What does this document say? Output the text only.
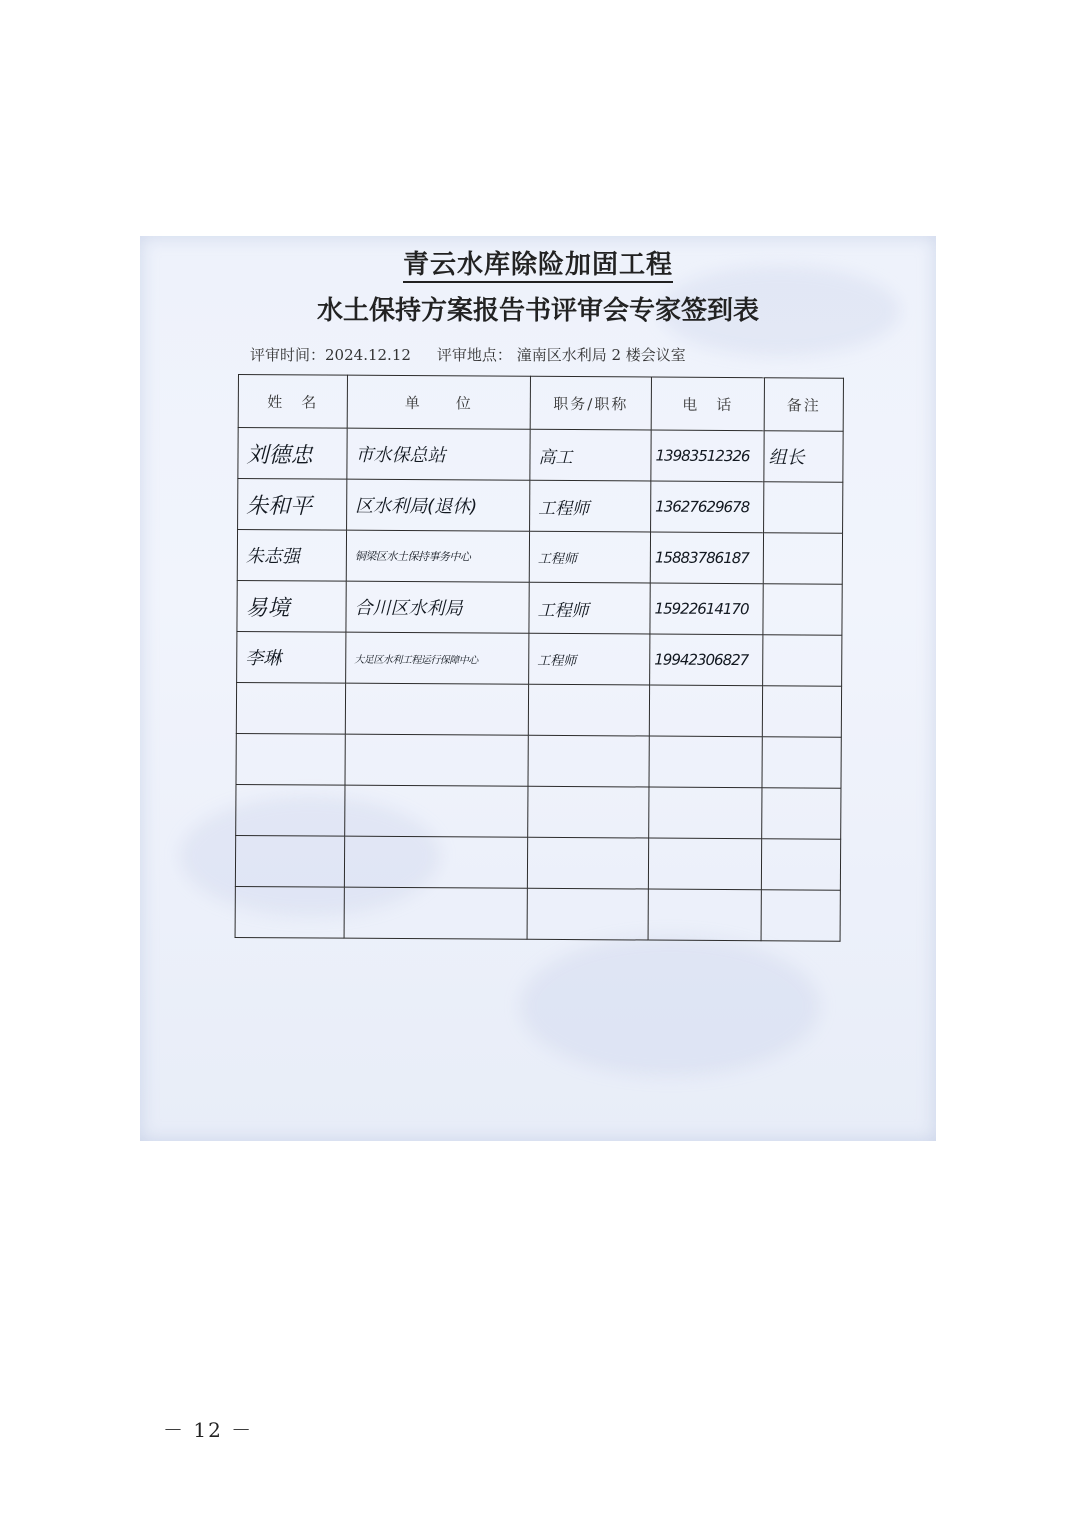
青云水库除险加固工程
水土保持方案报告书评审会专家签到表
评审时间：2024.12.12 评审地点： 潼南区水利局 2 楼会议室
姓　名	单　　位	职务/职称	电　话	备注

刘德忠	市水保总站	高工	13983512326	组长

朱和平	区水利局(退休)	工程师	13627629678	

朱志强	铜梁区水土保持事务中心	工程师	15883786187	

易境	合川区水利局	工程师	15922614170	

李琳	大足区水利工程运行保障中心	工程师	19942306827	

－ 12 －
